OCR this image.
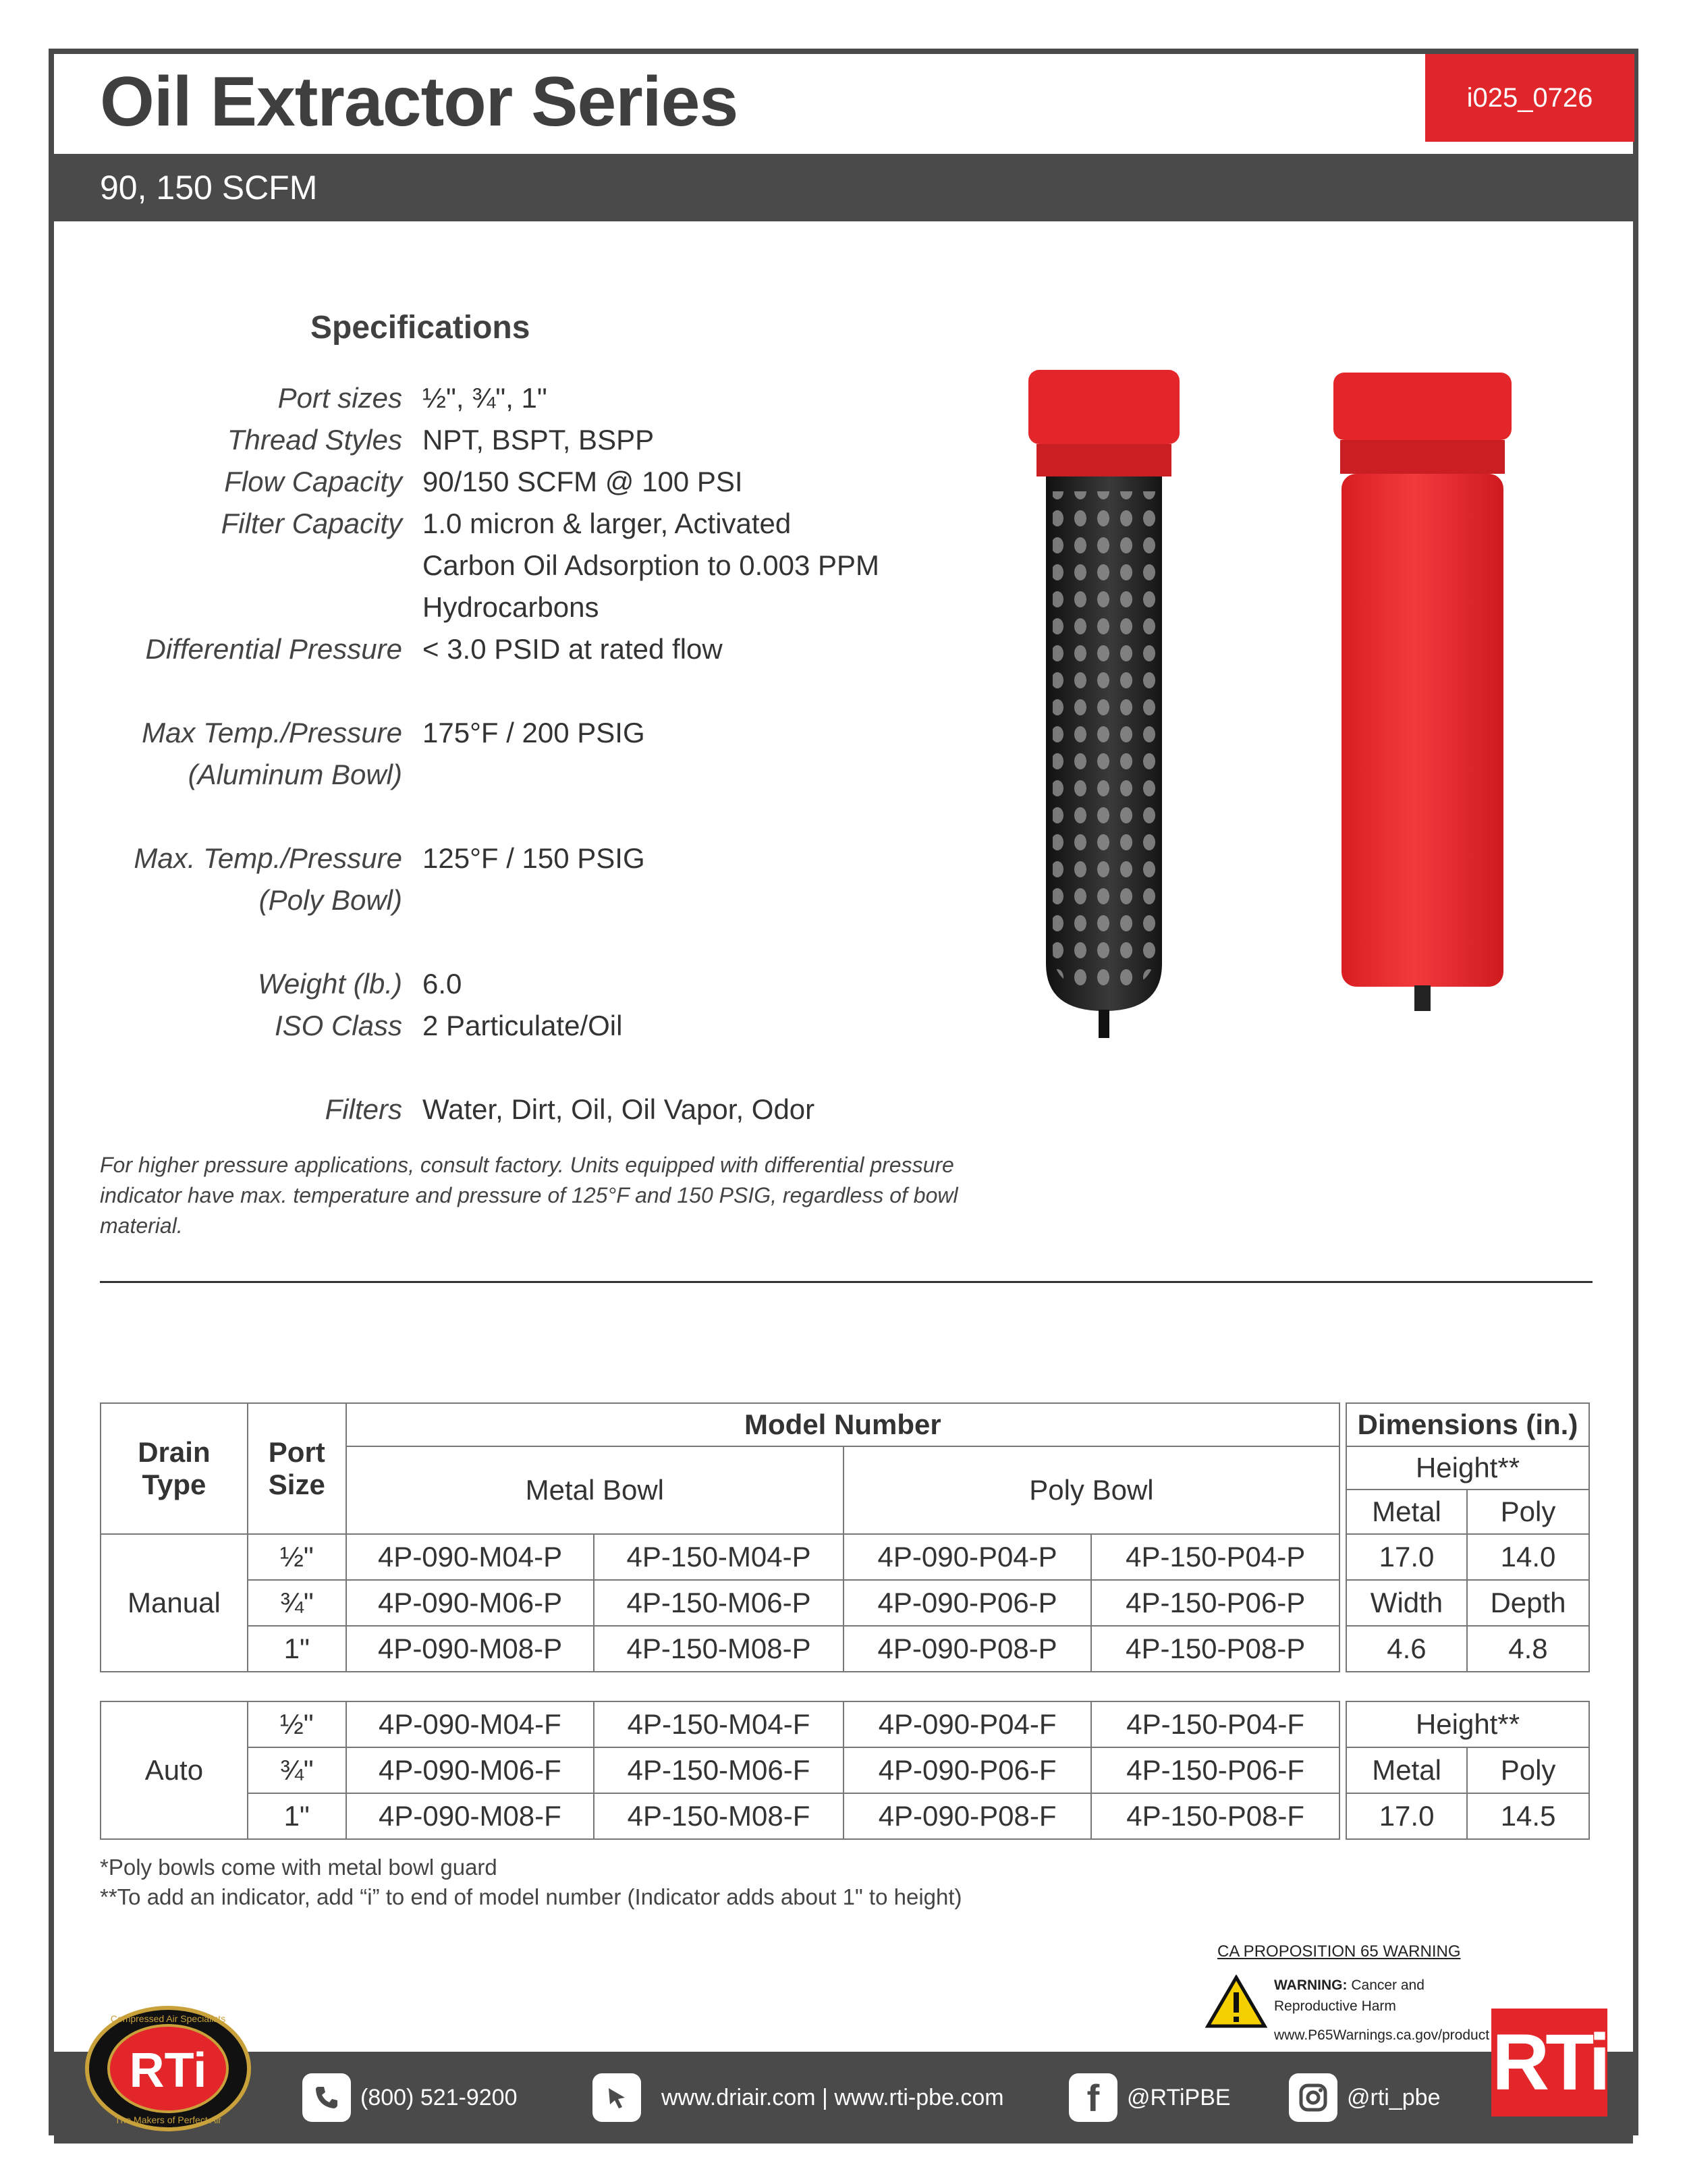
Oil Extractor Series	i025_0726
90, 150 SCFM
Specifications
Port sizes ½", ¾", 1"
Thread Styles NPT, BSPT, BSPP
Flow Capacity 90/150 SCFM @ 100 PSI
Filter Capacity 1.0 micron & larger, Activated
Carbon Oil Adsorption to 0.003 PPM
Hydrocarbons
Differential Pressure < 3.0 PSID at rated flow
Max Temp./Pressure 175°F / 200 PSIG
(Aluminum Bowl)
Max. Temp./Pressure 125°F / 150 PSIG
(Poly Bowl)
Weight (lb.) 6.0
ISO Class 2 Particulate/Oil
Filters Water, Dirt, Oil, Oil Vapor, Odor
For higher pressure applications, consult factory. Units equipped with differential pressure indicator have max. temperature and pressure of 125°F and 150 PSIG, regardless of bowl material.
Drain
Type	Port
Size	Model Number			
		Metal Bowl		Poly Bowl	

Manual	½"	4P-090-M04-P	4P-150-M04-P	4P-090-P04-P	4P-150-P04-P
	¾"	4P-090-M06-P	4P-150-M06-P	4P-090-P06-P	4P-150-P06-P
	1"	4P-090-M08-P	4P-150-M08-P	4P-090-P08-P	4P-150-P08-P
Dimensions (in.)	
Height**	
Metal	Poly
17.0	14.0
Width	Depth
4.6	4.8
Auto	½"	4P-090-M04-F	4P-150-M04-F	4P-090-P04-F	4P-150-P04-F
	¾"	4P-090-M06-F	4P-150-M06-F	4P-090-P06-F	4P-150-P06-F
	1"	4P-090-M08-F	4P-150-M08-F	4P-090-P08-F	4P-150-P08-F
Height**	
Metal	Poly
17.0	14.5
*Poly bowls come with metal bowl guard
**To add an indicator, add “i” to end of model number (Indicator adds about 1" to height)
CA PROPOSITION 65 WARNING
WARNING: Cancer and
Reproductive Harm

www.P65Warnings.ca.gov/product
RTi
Compressed Air Specialists
The Makers of Perfect Air
(800) 521-9200	www.driair.com | www.rti-pbe.com	f	@RTiPBE	@rti_pbe RTi
